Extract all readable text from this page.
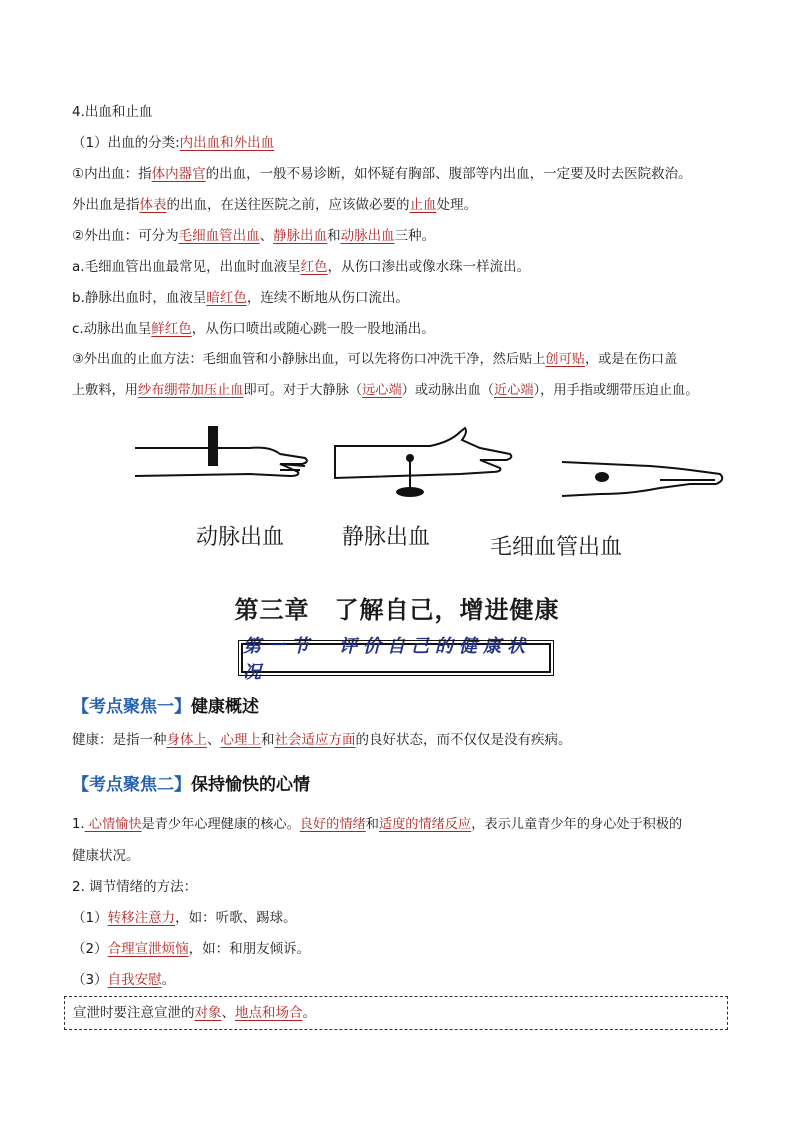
4.出血和止血
（1）出血的分类:内出血和外出血
①内出血：指体内器官的出血，一般不易诊断，如怀疑有胸部、腹部等内出血，一定要及时去医院救治。
外出血是指体表的出血，在送往医院之前，应该做必要的止血处理。
②外出血：可分为毛细血管出血、静脉出血和动脉出血三种。
a.毛细血管出血最常见，出血时血液呈红色，从伤口渗出或像水珠一样流出。
b.静脉出血时，血液呈暗红色，连续不断地从伤口流出。
c.动脉出血呈鲜红色，从伤口喷出或随心跳一股一股地涌出。
③外出血的止血方法：毛细血管和小静脉出血，可以先将伤口冲洗干净，然后贴上创可贴，或是在伤口盖
上敷料，用纱布绷带加压止血即可。对于大静脉（远心端）或动脉出血（近心端），用手指或绷带压迫止血。
动脉出血	静脉出血	毛细血管出血
第三章　了解自己，增进健康
第一节　评价自己的健康状况
【考点聚焦一】健康概述
健康：是指一种身体上、心理上和社会适应方面的良好状态，而不仅仅是没有疾病。
【考点聚焦二】保持愉快的心情
1. 心情愉快是青少年心理健康的核心。良好的情绪和适度的情绪反应，表示儿童青少年的身心处于积极的
健康状况。
2. 调节情绪的方法：
（1）转移注意力，如：听歌、踢球。
（2）合理宣泄烦恼，如：和朋友倾诉。
（3）自我安慰。
宣泄时要注意宣泄的对象、地点和场合。
